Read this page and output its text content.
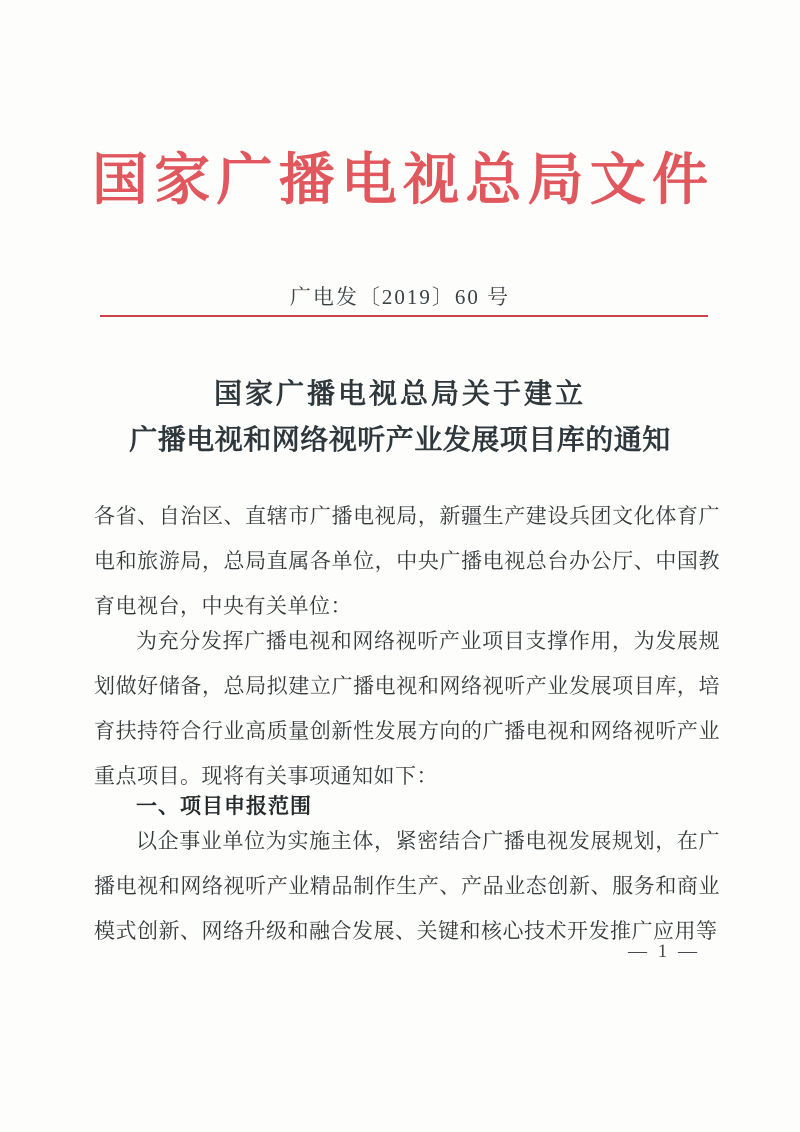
国家广播电视总局文件
广电发〔2019〕60 号
国家广播电视总局关于建立
广播电视和网络视听产业发展项目库的通知

各省、自治区、直辖市广播电视局，新疆生产建设兵团文化体育广电和旅游局，总局直属各单位，中央广播电视总台办公厅、中国教育电视台，中央有关单位：

为充分发挥广播电视和网络视听产业项目支撑作用，为发展规划做好储备，总局拟建立广播电视和网络视听产业发展项目库，培育扶持符合行业高质量创新性发展方向的广播电视和网络视听产业重点项目。现将有关事项通知如下：

一、项目申报范围

以企事业单位为实施主体，紧密结合广播电视发展规划，在广播电视和网络视听产业精品制作生产、产品业态创新、服务和商业模式创新、网络升级和融合发展、关键和核心技术开发推广应用等

— 1 —
